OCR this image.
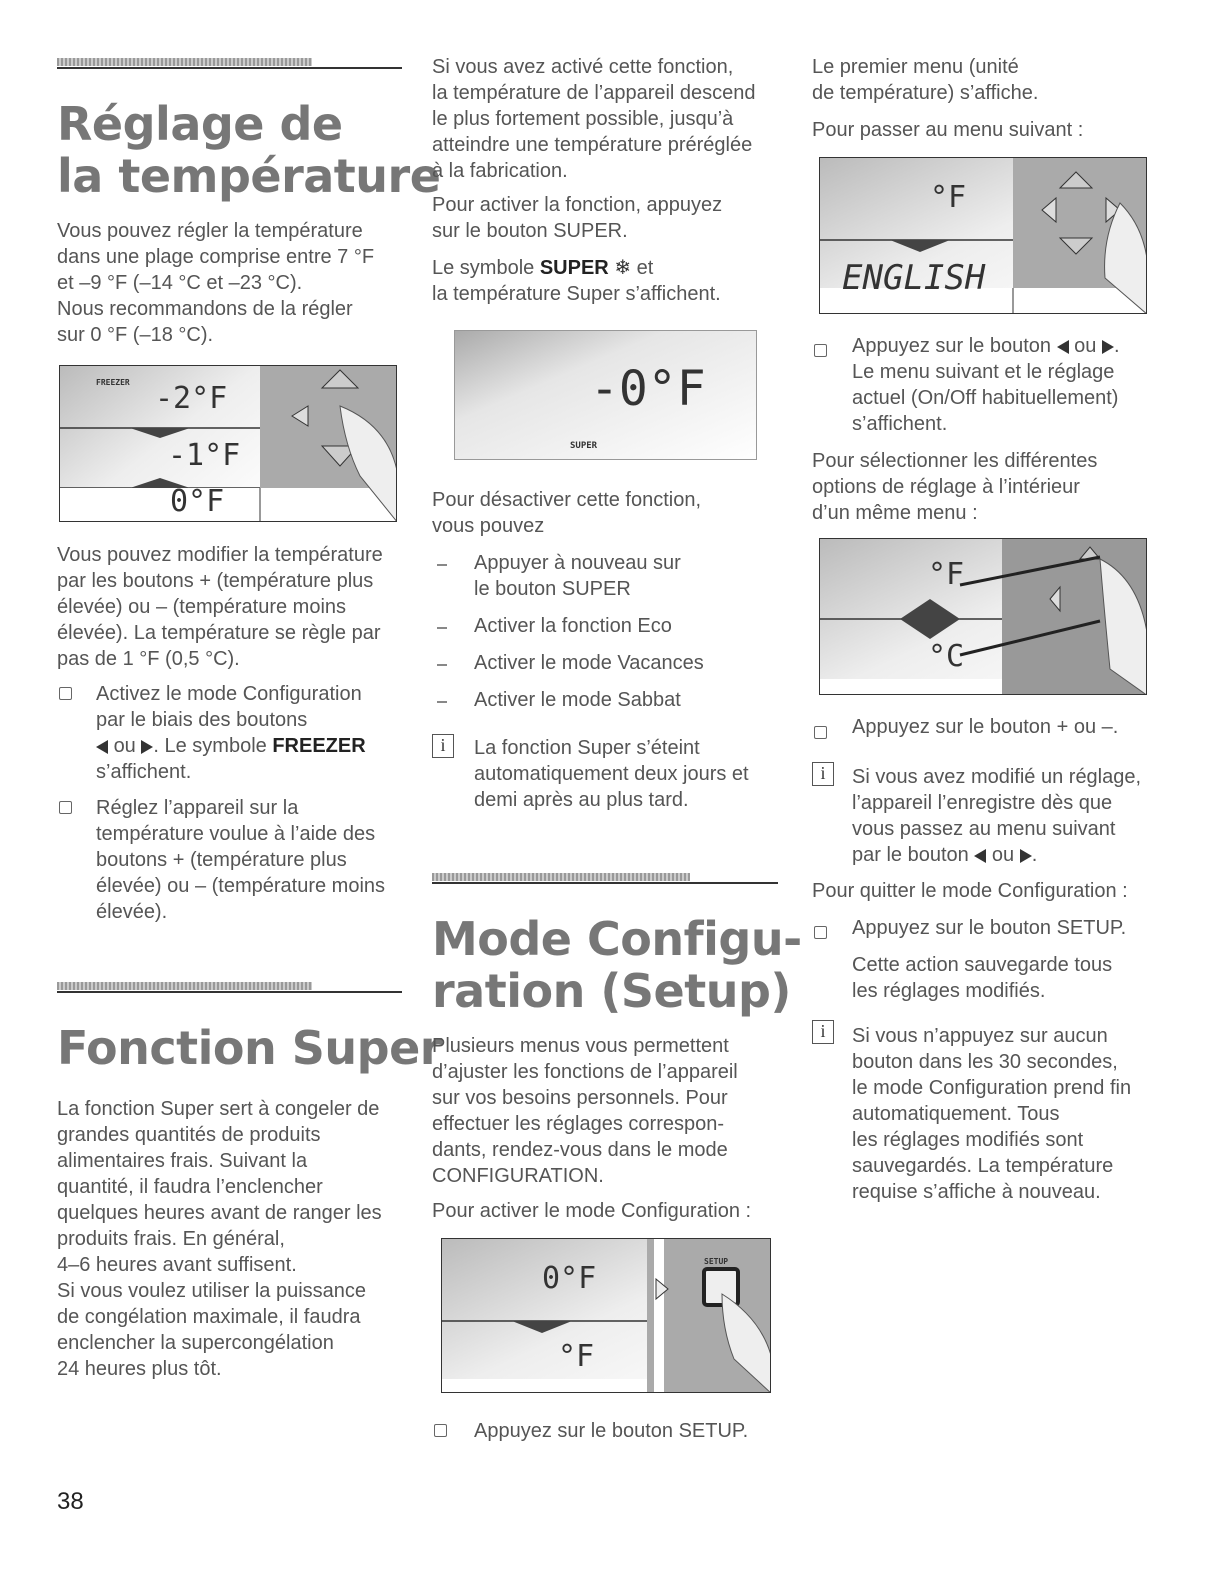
Réglage de
la température
Vous pouvez régler la température
dans une plage comprise entre 7 °F
et –9 °F (–14 °C et –23 °C).
Nous recommandons de la régler
sur 0 °F (–18 °C).
FREEZER -2°F
-1°F
0°F
Vous pouvez modifier la température
par les boutons + (température plus
élevée) ou – (température moins
élevée). La température se règle par
pas de 1 °F (0,5 °C).
Activez le mode Configuration
par le biais des boutons
ou . Le symbole FREEZER
s’affichent.
Réglez l’appareil sur la
température voulue à l’aide des
boutons + (température plus
élevée) ou – (température moins
élevée).
Fonction Super
La fonction Super sert à congeler de
grandes quantités de produits
alimentaires frais. Suivant la
quantité, il faudra l’enclencher
quelques heures avant de ranger les
produits frais. En général,
4–6 heures avant suffisent.
Si vous voulez utiliser la puissance
de congélation maximale, il faudra
enclencher la supercongélation
24 heures plus tôt.
Si vous avez activé cette fonction,
la température de l’appareil descend
le plus fortement possible, jusqu’à
atteindre une température préréglée
à la fabrication.
Pour activer la fonction, appuyez
sur le bouton SUPER.
Le symbole SUPER ❄ et
la température Super s’affichent.
-0°F
SUPER
Pour désactiver cette fonction,
vous pouvez
Appuyer à nouveau sur
le bouton SUPER
Activer la fonction Eco
Activer le mode Vacances
Activer le mode Sabbat
i	La fonction Super s’éteint
automatiquement deux jours et
demi après au plus tard.
Mode Configu-
ration (Setup)
Plusieurs menus vous permettent
d’ajuster les fonctions de l’appareil
sur vos besoins personnels. Pour
effectuer les réglages correspon-
dants, rendez-vous dans le mode
CONFIGURATION.
Pour activer le mode Configuration :
0°F
°F
SETUP
Appuyez sur le bouton SETUP.
Le premier menu (unité
de température) s’affiche.
Pour passer au menu suivant :
°F
ENGLISH
Appuyez sur le bouton ou .
Le menu suivant et le réglage
actuel (On/Off habituellement)
s’affichent.
Pour sélectionner les différentes
options de réglage à l’intérieur
d’un même menu :
°F
°C
Appuyez sur le bouton + ou –.
i	Si vous avez modifié un réglage,
l’appareil l’enregistre dès que
vous passez au menu suivant
par le bouton ou .
Pour quitter le mode Configuration :
Appuyez sur le bouton SETUP.
Cette action sauvegarde tous
les réglages modifiés.
i	Si vous n’appuyez sur aucun
bouton dans les 30 secondes,
le mode Configuration prend fin
automatiquement. Tous
les réglages modifiés sont
sauvegardés. La température
requise s’affiche à nouveau.
38
